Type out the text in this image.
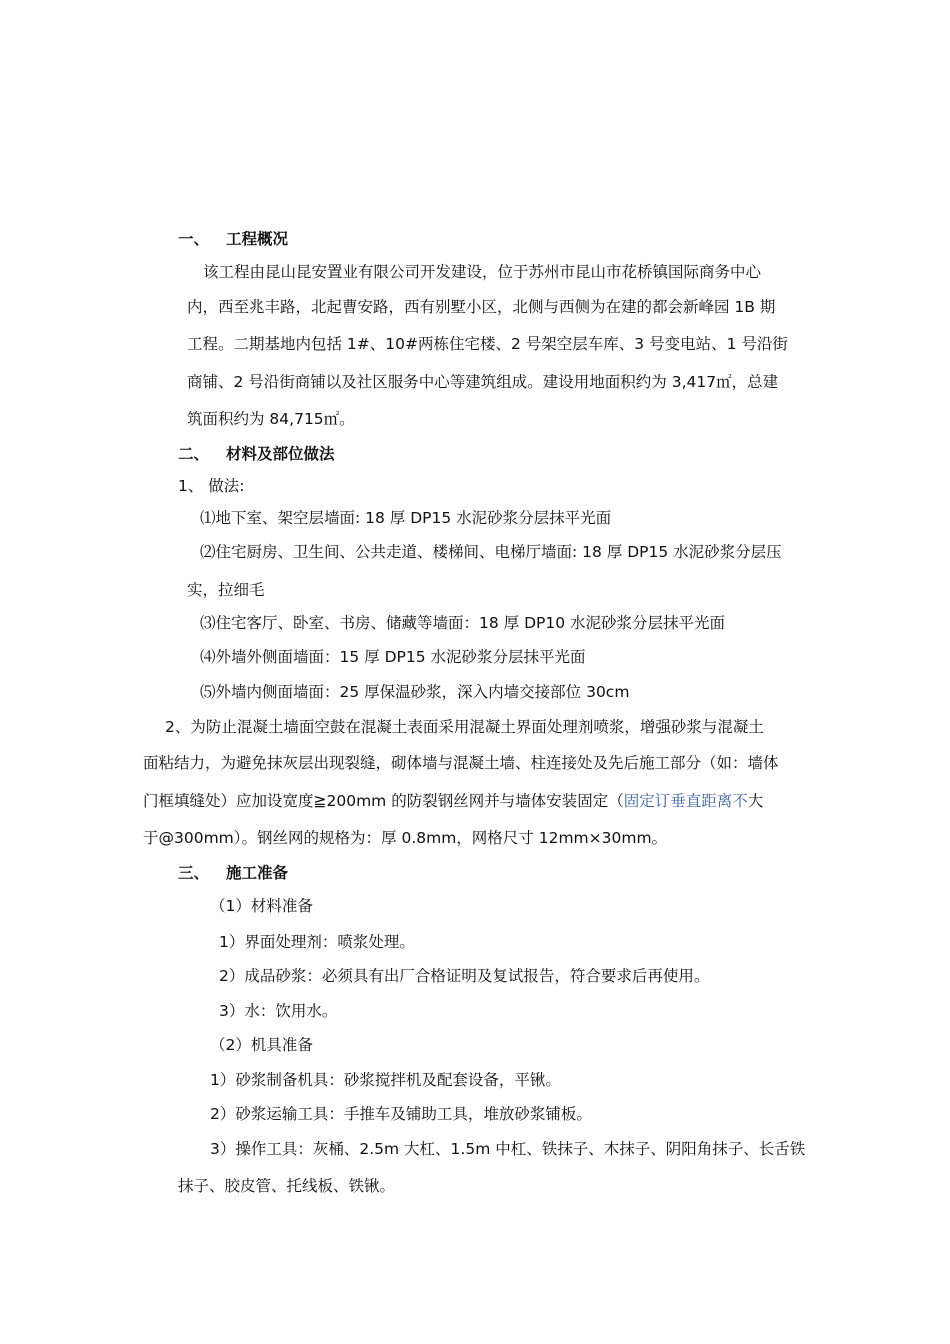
一、 工程概况
该工程由昆山昆安置业有限公司开发建设，位于苏州市昆山市花桥镇国际商务中心
内，西至兆丰路，北起曹安路，西有别墅小区，北侧与西侧为在建的都会新峰园 1B 期
工程。二期基地内包括 1#、10#两栋住宅楼、2 号架空层车库、3 号变电站、1 号沿街
商铺、2 号沿街商铺以及社区服务中心等建筑组成。建设用地面积约为 3,417㎡，总建
筑面积约为 84,715㎡。
二、 材料及部位做法
1、 做法:
⑴地下室、架空层墙面: 18 厚 DP15 水泥砂浆分层抹平光面
⑵住宅厨房、卫生间、公共走道、楼梯间、电梯厅墙面: 18 厚 DP15 水泥砂浆分层压
实，拉细毛
⑶住宅客厅、卧室、书房、储藏等墙面：18 厚 DP10 水泥砂浆分层抹平光面
⑷外墙外侧面墙面：15 厚 DP15 水泥砂浆分层抹平光面
⑸外墙内侧面墙面：25 厚保温砂浆，深入内墙交接部位 30cm
2、为防止混凝土墙面空鼓在混凝土表面采用混凝土界面处理剂喷浆，增强砂浆与混凝土
面粘结力，为避免抹灰层出现裂缝，砌体墙与混凝土墙、柱连接处及先后施工部分（如：墙体
门框填缝处）应加设宽度≧200mm 的防裂钢丝网并与墙体安装固定（固定订垂直距离不大
于@300mm）。钢丝网的规格为：厚 0.8mm，网格尺寸 12mm×30mm。
三、 施工准备
（1）材料准备
1）界面处理剂：喷浆处理。
2）成品砂浆：必须具有出厂合格证明及复试报告，符合要求后再使用。
3）水：饮用水。
（2）机具准备
1）砂浆制备机具：砂浆搅拌机及配套设备，平锹。
2）砂浆运输工具：手推车及铺助工具，堆放砂浆铺板。
3）操作工具：灰桶、2.5m 大杠、1.5m 中杠、铁抹子、木抹子、阴阳角抹子、长舌铁
抹子、胶皮管、托线板、铁锹。
